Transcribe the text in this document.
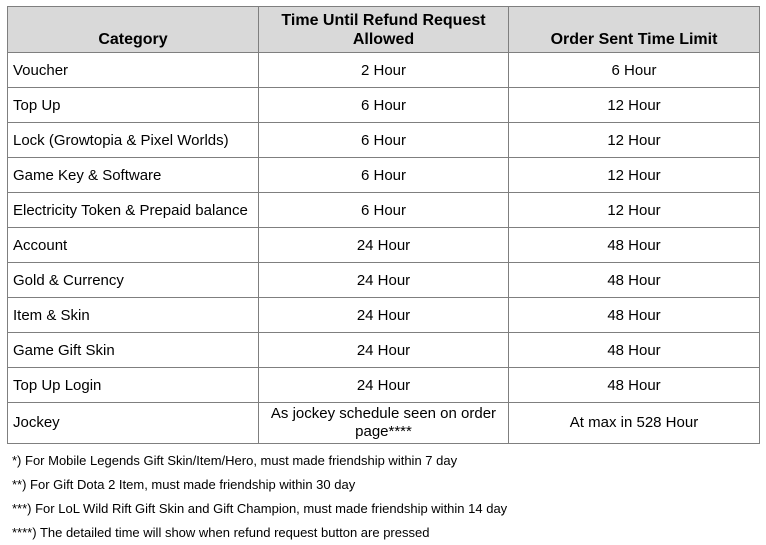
Category	Time Until Refund Request Allowed	Order Sent Time Limit
Voucher	2 Hour	6 Hour
Top Up	6 Hour	12 Hour
Lock (Growtopia & Pixel Worlds)	6 Hour	12 Hour
Game Key & Software	6 Hour	12 Hour
Electricity Token & Prepaid balance	6 Hour	12 Hour
Account	24 Hour	48 Hour
Gold & Currency	24 Hour	48 Hour
Item & Skin	24 Hour	48 Hour
Game Gift Skin	24 Hour	48 Hour
Top Up Login	24 Hour	48 Hour
Jockey	As jockey schedule seen on order page****	At max in 528 Hour
*) For Mobile Legends Gift Skin/Item/Hero, must made friendship within 7 day
**) For Gift Dota 2 Item, must made friendship within 30 day
***) For LoL Wild Rift Gift Skin and Gift Champion, must made friendship within 14 day
****) The detailed time will show when refund request button are pressed
